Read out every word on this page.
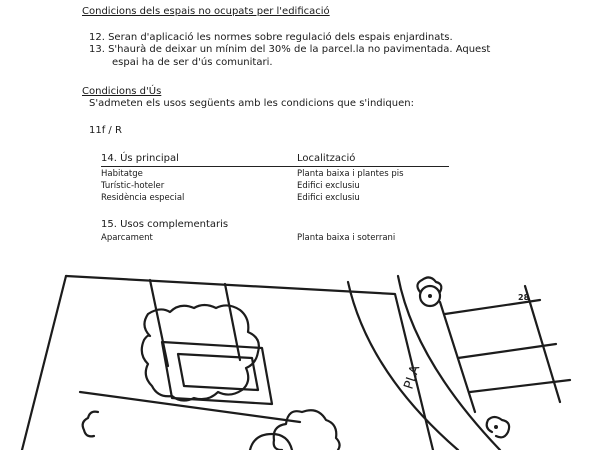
Condicions dels espais no ocupats per l'edificació
12. Seran d'aplicació les normes sobre regulació dels espais enjardinats.
13. S'haurà de deixar un mínim del 30% de la parcel.la no pavimentada. Aquest
espai ha de ser d'ús comunitari.
Condicions d'Ús
S'admeten els usos següents amb les condicions que s'indiquen:
11f / R
14. Ús principal	Localització
Habitatge	Planta baixa i plantes pis
Turístic-hoteler	Edifici exclusiu
Residència especial	Edifici exclusiu
15. Usos complementaris
Aparcament	Planta baixa i soterrani
PLA
28
